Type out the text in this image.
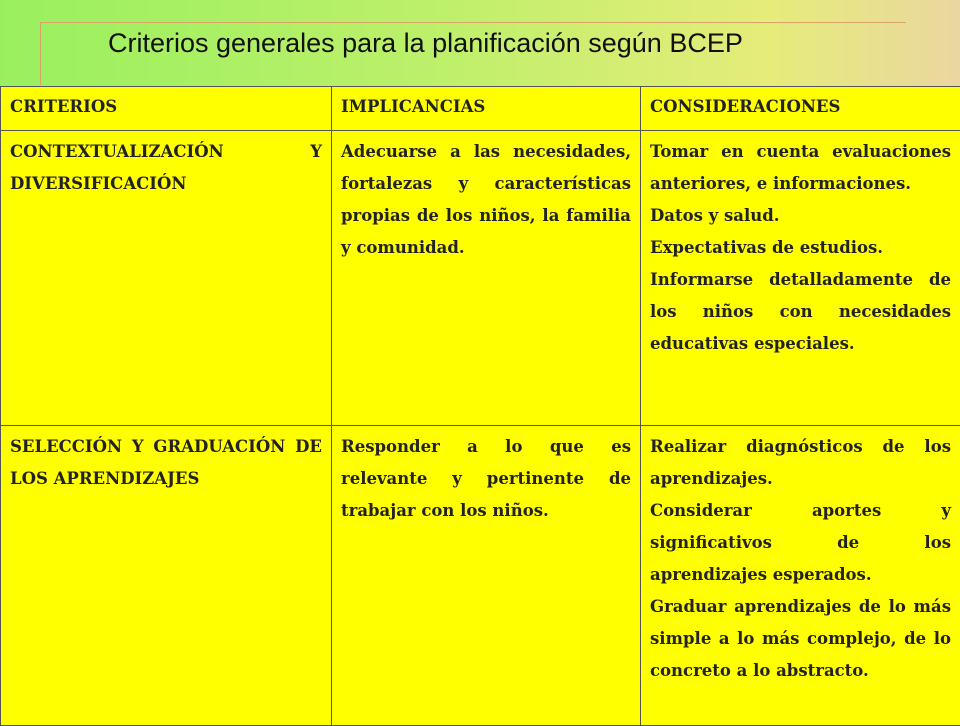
Criterios generales para la planificación según BCEP
CRITERIOS	IMPLICANCIAS	CONSIDERACIONES
CONTEXTUALIZACIÓN Y DIVERSIFICACIÓN	Adecuarse a las necesidades, fortalezas y características propias de los niños, la familia y comunidad.	Tomar en cuenta evaluaciones anteriores, e informaciones.
Datos y salud.
Expectativas de estudios.
Informarse detalladamente de los niños con necesidades educativas especiales.

SELECCIÓN Y GRADUACIÓN DE LOS APRENDIZAJES	Responder a lo que es relevante y pertinente de trabajar con los niños.	Realizar diagnósticos de los aprendizajes.
Considerar aportes y significativos de los aprendizajes esperados.
Graduar aprendizajes de lo más simple a lo más complejo, de lo concreto a lo abstracto.
